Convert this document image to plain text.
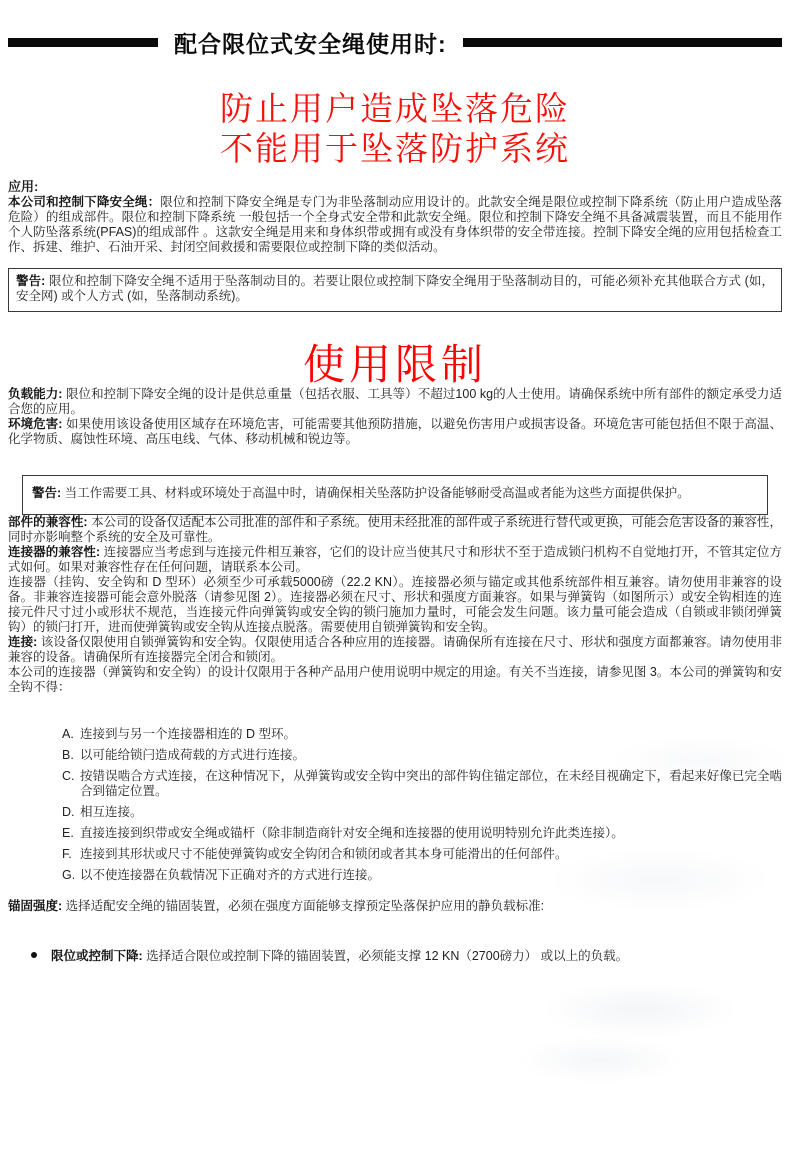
配合限位式安全绳使用时:
防止用户造成坠落危险
不能用于坠落防护系统
应用:

本公司和控制下降安全绳：限位和控制下降安全绳是专门为非坠落制动应用设计的。此款安全绳是限位或控制下降系统（防止用户造成坠落危险）的组成部件。限位和控制下降系统 一般包括一个全身式安全带和此款安全绳。限位和控制下降安全绳不具备减震装置，而且不能用作个人防坠落系统(PFAS)的组成部件 。这款安全绳是用来和身体织带或拥有或没有身体织带的安全带连接。控制下降安全绳的应用包括检查工作、拆建、维护、石油开采、封闭空间救援和需要限位或控制下降的类似活动。

警告: 限位和控制下降安全绳不适用于坠落制动目的。若要让限位或控制下降安全绳用于坠落制动目的，可能必须补充其他联合方式 (如，安全网) 或个人方式 (如，坠落制动系统)。

使用限制

负载能力: 限位和控制下降安全绳的设计是供总重量（包括衣服、工具等）不超过100 kg的人士使用。请确保系统中所有部件的额定承受力适合您的应用。

环境危害: 如果使用该设备使用区域存在环境危害，可能需要其他预防措施，以避免伤害用户或损害设备。环境危害可能包括但不限于高温、化学物质、腐蚀性环境、高压电线、气体、移动机械和锐边等。

警告: 当工作需要工具、材料或环境处于高温中时，请确保相关坠落防护设备能够耐受高温或者能为这些方面提供保护。

部件的兼容性: 本公司的设备仅适配本公司批准的部件和子系统。使用未经批准的部件或子系统进行替代或更换，可能会危害设备的兼容性，同时亦影响整个系统的安全及可靠性。

连接器的兼容性: 连接器应当考虑到与连接元件相互兼容，它们的设计应当使其尺寸和形状不至于造成锁闩机构不自觉地打开，不管其定位方式如何。如果对兼容性存在任何问题，请联系本公司。

连接器（挂钩、安全钩和 D 型环）必须至少可承载5000磅（22.2 KN）。连接器必须与锚定或其他系统部件相互兼容。请勿使用非兼容的设备。非兼容连接器可能会意外脱落（请参见图 2）。连接器必须在尺寸、形状和强度方面兼容。如果与弹簧钩（如图所示）或安全钩相连的连接元件尺寸过小或形状不规范，当连接元件向弹簧钩或安全钩的锁闩施加力量时，可能会发生问题。该力量可能会造成（自锁或非锁闭弹簧钩）的锁闩打开，进而使弹簧钩或安全钩从连接点脱落。需要使用自锁弹簧钩和安全钩。

连接: 该设备仅限使用自锁弹簧钩和安全钩。仅限使用适合各种应用的连接器。请确保所有连接在尺寸、形状和强度方面都兼容。请勿使用非兼容的设备。请确保所有连接器完全闭合和锁闭。

本公司的连接器（弹簧钩和安全钩）的设计仅限用于各种产品用户使用说明中规定的用途。有关不当连接，请参见图 3。本公司的弹簧钩和安全钩不得：

A. 连接到与另一个连接器相连的 D 型环。
B. 以可能给锁闩造成荷载的方式进行连接。
C. 按错误啮合方式连接，在这种情况下，从弹簧钩或安全钩中突出的部件钩住锚定部位，在未经目视确定下，看起来好像已完全啮合到锚定位置。
D. 相互连接。
E. 直接连接到织带或安全绳或锚杆（除非制造商针对安全绳和连接器的使用说明特别允许此类连接）。
F. 连接到其形状或尺寸不能使弹簧钩或安全钩闭合和锁闭或者其本身可能滑出的任何部件。
G. 以不使连接器在负载情况下正确对齐的方式进行连接。

锚固强度: 选择适配安全绳的锚固装置，必须在强度方面能够支撑预定坠落保护应用的静负载标准:

限位或控制下降: 选择适合限位或控制下降的锚固装置，必须能支撑 12 KN（2700磅力） 或以上的负载。
